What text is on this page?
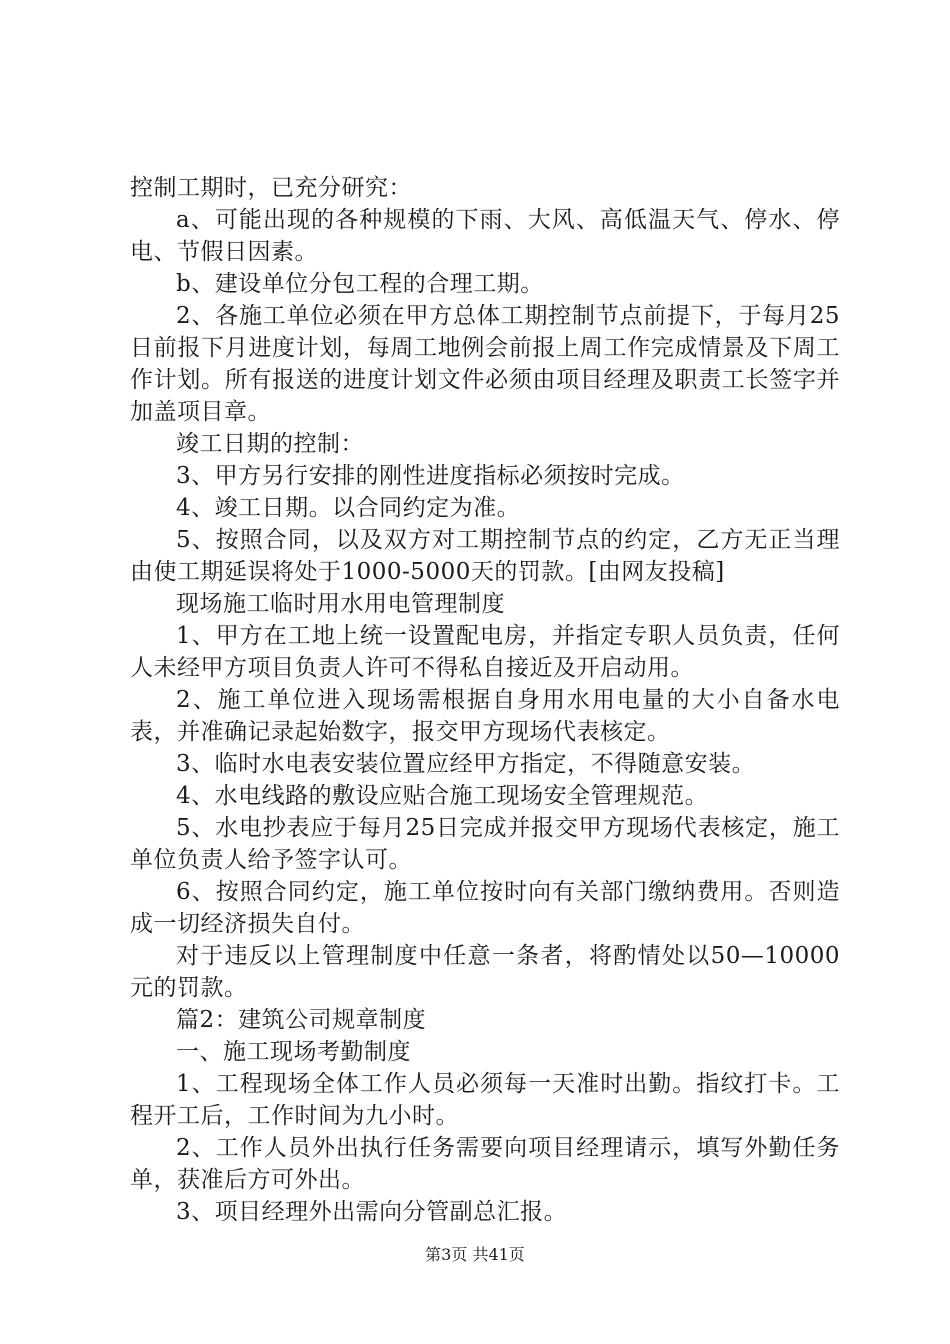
控制工期时，已充分研究：

a、可能出现的各种规模的下雨、大风、高低温天气、停水、停电、节假日因素。

b、建设单位分包工程的合理工期。

2、各施工单位必须在甲方总体工期控制节点前提下，于每月25日前报下月进度计划，每周工地例会前报上周工作完成情景及下周工作计划。所有报送的进度计划文件必须由项目经理及职责工长签字并加盖项目章。

竣工日期的控制：

3、甲方另行安排的刚性进度指标必须按时完成。

4、竣工日期。以合同约定为准。

5、按照合同，以及双方对工期控制节点的约定，乙方无正当理由使工期延误将处于1000-5000天的罚款。[由网友投稿]

现场施工临时用水用电管理制度

1、甲方在工地上统一设置配电房，并指定专职人员负责，任何人未经甲方项目负责人许可不得私自接近及开启动用。

2、施工单位进入现场需根据自身用水用电量的大小自备水电表，并准确记录起始数字，报交甲方现场代表核定。

3、临时水电表安装位置应经甲方指定，不得随意安装。

4、水电线路的敷设应贴合施工现场安全管理规范。

5、水电抄表应于每月25日完成并报交甲方现场代表核定，施工单位负责人给予签字认可。

6、按照合同约定，施工单位按时向有关部门缴纳费用。否则造成一切经济损失自付。

对于违反以上管理制度中任意一条者，将酌情处以50—10000元的罚款。

篇2：建筑公司规章制度

一、施工现场考勤制度

1、工程现场全体工作人员必须每一天准时出勤。指纹打卡。工程开工后，工作时间为九小时。

2、工作人员外出执行任务需要向项目经理请示，填写外勤任务单，获准后方可外出。

3、项目经理外出需向分管副总汇报。

第3页 共41页
